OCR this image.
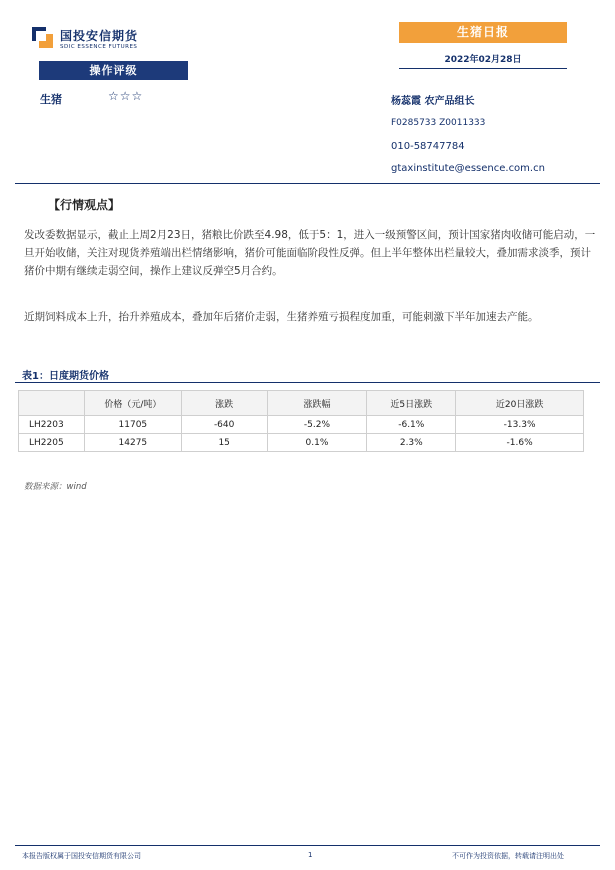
国投安信期货
SDIC ESSENCE FUTURES
生猪日报
2022年02月28日
操作评级
生猪	☆☆☆	杨蕊霞 农产品组长
F0285733 Z0011333
010-58747784
gtaxinstitute@essence.com.cn
【行情观点】
发改委数据显示，截止上周2月23日，猪粮比价跌至4.98，低于5：1，进入一级预警区间，预计国家猪肉收储可能启动，一旦开始收储，关注对现货养殖端出栏情绪影响，猪价可能面临阶段性反弹。但上半年整体出栏量较大，叠加需求淡季，预计猪价中期有继续走弱空间，操作上建议反弹空5月合约。
近期饲料成本上升，抬升养殖成本，叠加年后猪价走弱，生猪养殖亏损程度加重，可能刺激下半年加速去产能。
表1：日度期货价格
	价格（元/吨）	涨跌	涨跌幅	近5日涨跌	近20日涨跌
LH2203	11705	-640	-5.2%	-6.1%	-13.3%
LH2205	14275	15	0.1%	2.3%	-1.6%
数据来源：wind
本报告版权属于国投安信期货有限公司	1	不可作为投资依据，转载请注明出处
